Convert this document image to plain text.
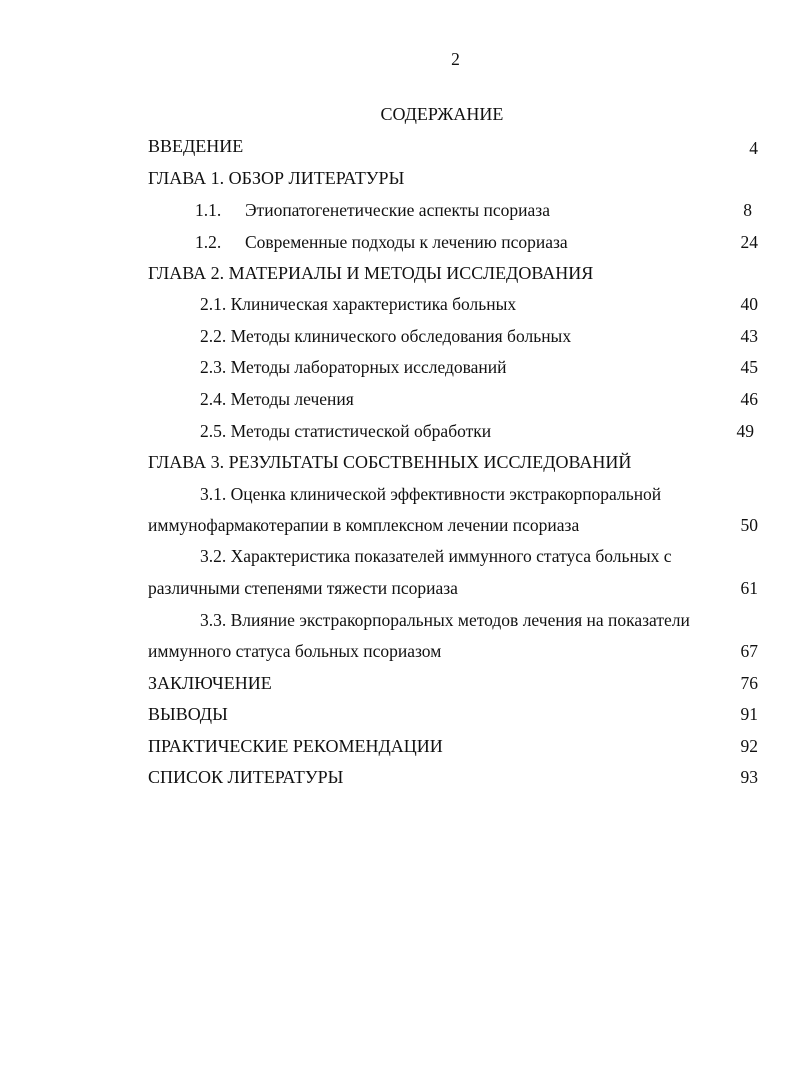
2
СОДЕРЖАНИЕ
ВВЕДЕНИЕ	4
ГЛАВА 1. ОБЗОР ЛИТЕРАТУРЫ
1.1. Этиопатогенетические аспекты псориаза	8
1.2. Современные подходы к лечению псориаза	24
ГЛАВА 2. МАТЕРИАЛЫ И МЕТОДЫ ИССЛЕДОВАНИЯ
2.1. Клиническая характеристика больных	40
2.2. Методы клинического обследования больных	43
2.3. Методы лабораторных исследований	45
2.4. Методы лечения	46
2.5. Методы статистической обработки	49
ГЛАВА 3. РЕЗУЛЬТАТЫ СОБСТВЕННЫХ ИССЛЕДОВАНИЙ
3.1. Оценка клинической эффективности экстракорпоральной
иммунофармакотерапии в комплексном лечении псориаза	50
3.2. Характеристика показателей иммунного статуса больных с
различными степенями тяжести псориаза	61
3.3. Влияние экстракорпоральных методов лечения на показатели
иммунного статуса больных псориазом	67
ЗАКЛЮЧЕНИЕ	76
ВЫВОДЫ	91
ПРАКТИЧЕСКИЕ РЕКОМЕНДАЦИИ	92
СПИСОК ЛИТЕРАТУРЫ	93
